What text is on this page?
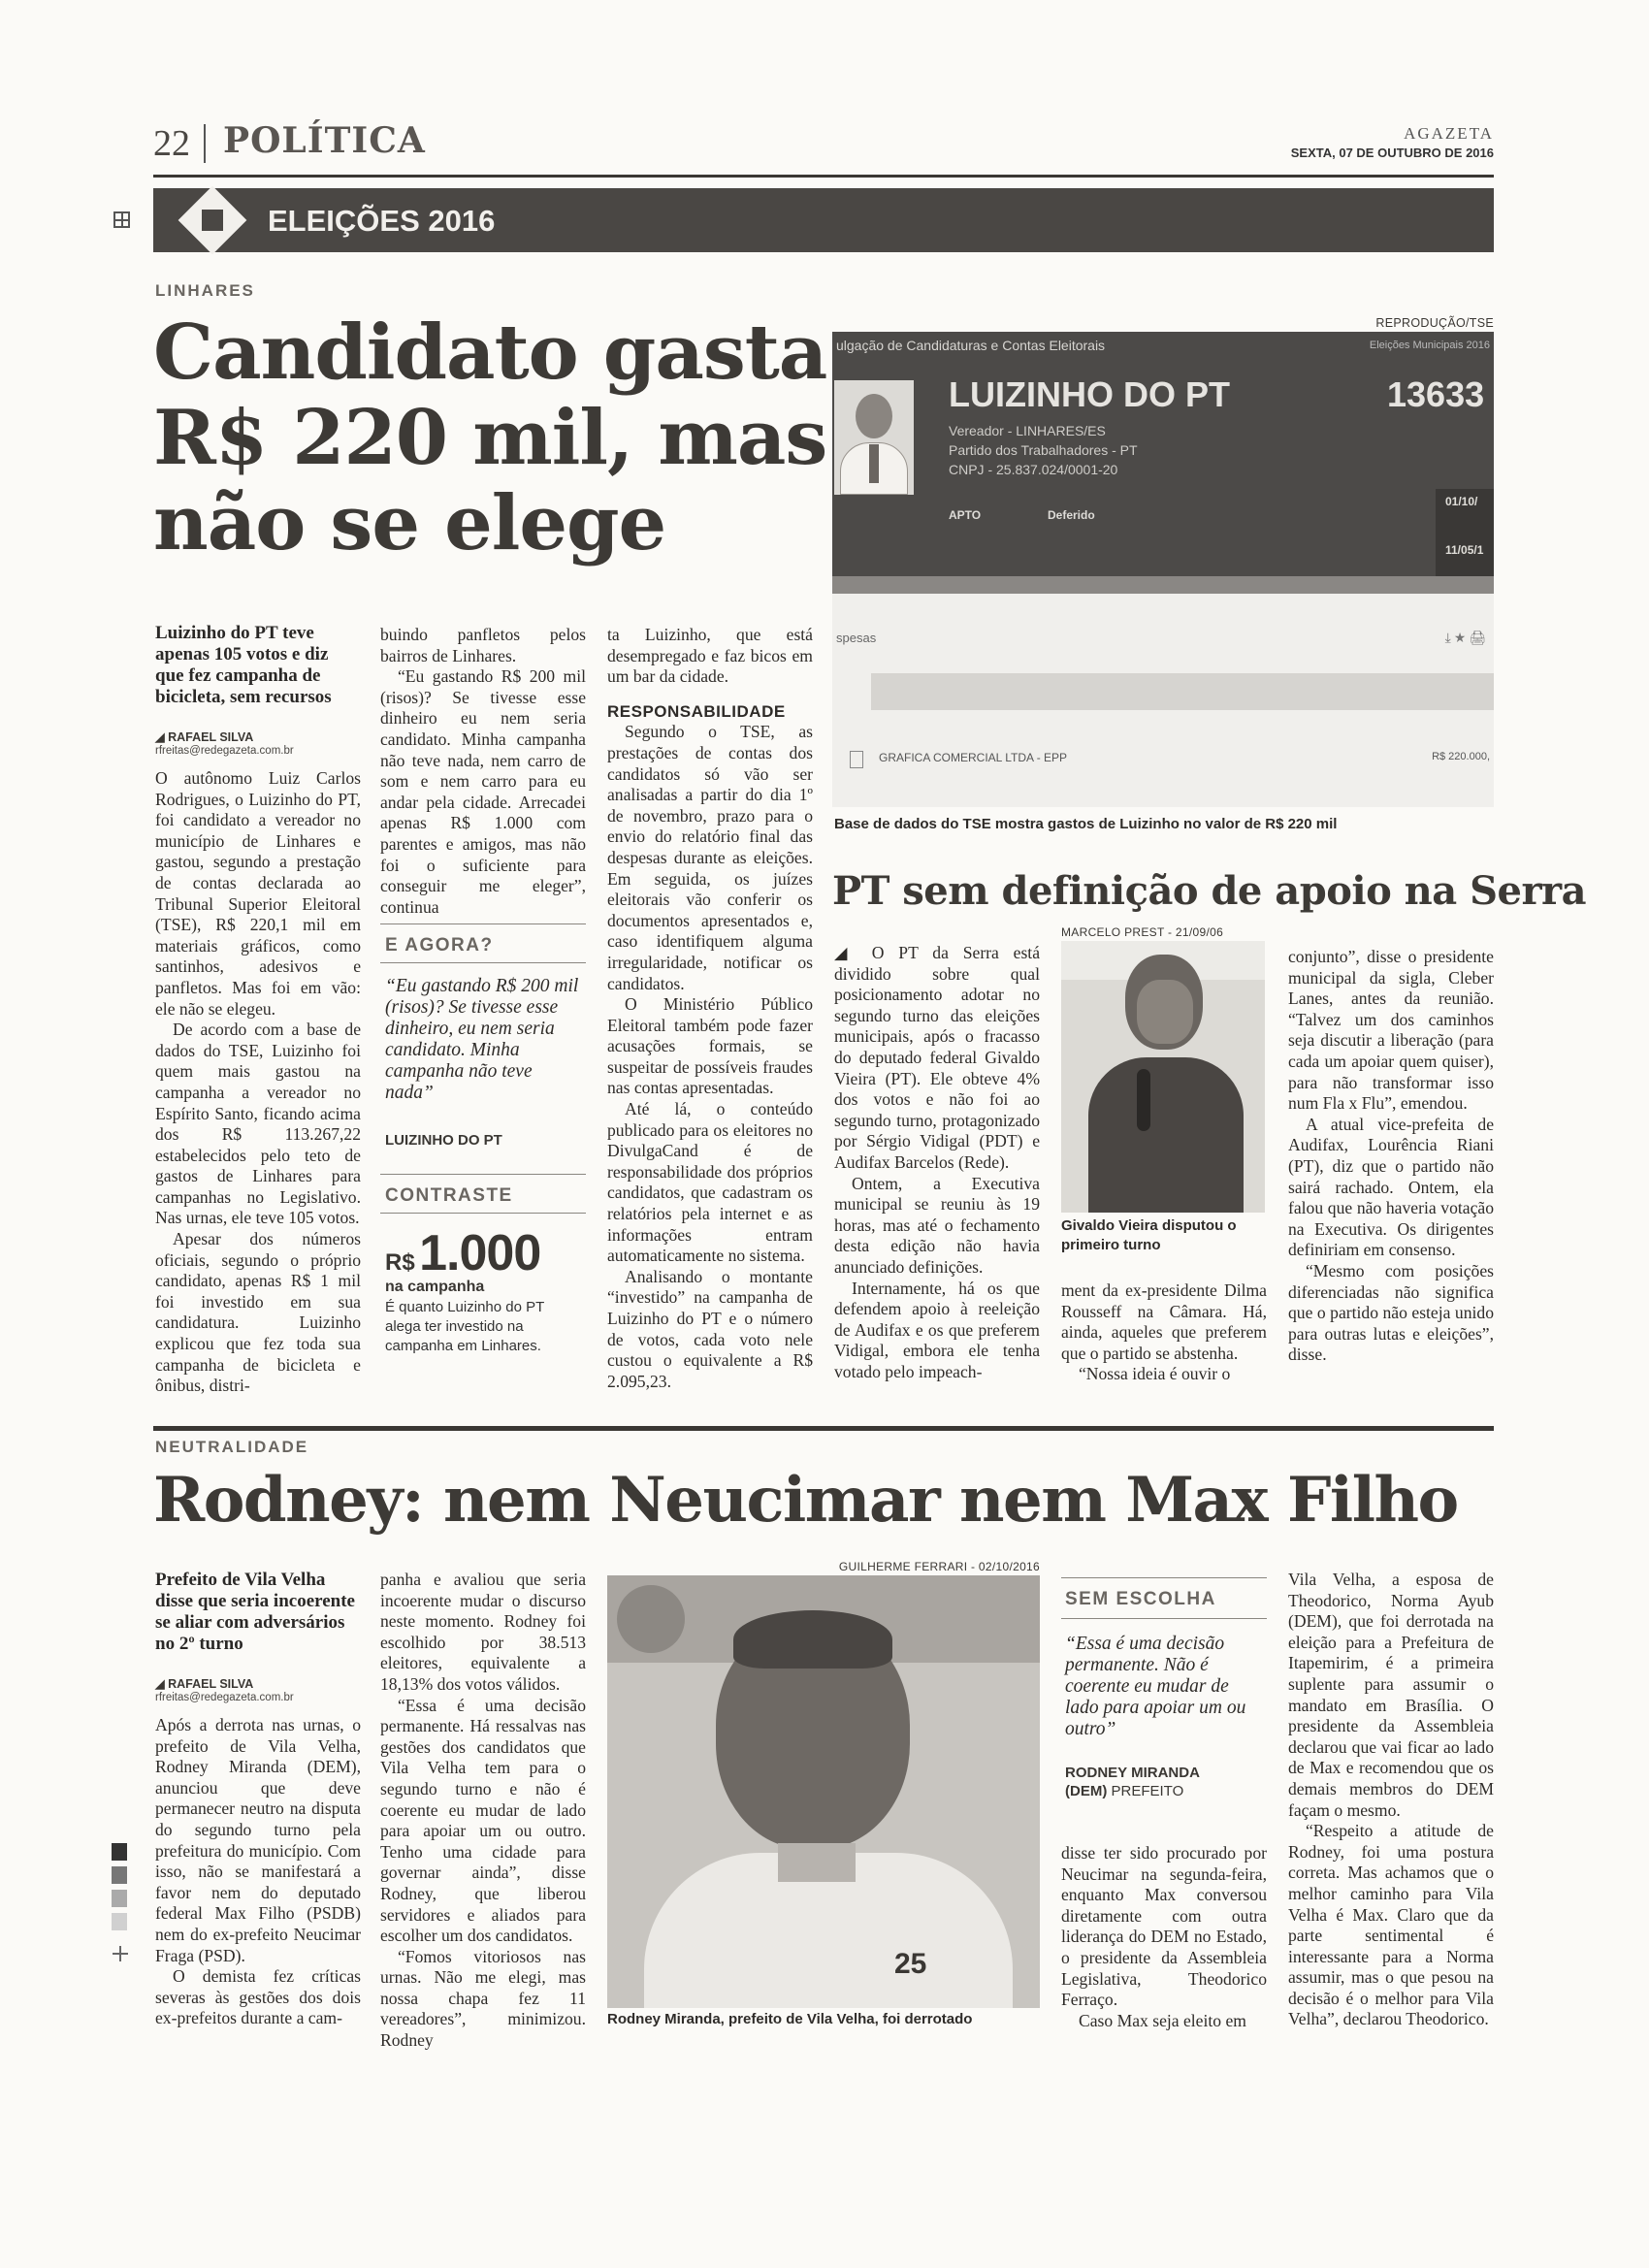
22 POLÍTICA	AGAZETA
SEXTA, 07 DE OUTUBRO DE 2016
ELEIÇÕES 2016
LINHARES
Candidato gasta
R$ 220 mil, mas
não se elege
Luizinho do PT teve apenas 105 votos e diz que fez campanha de bicicleta, sem recursos
◢ RAFAEL SILVA
rfreitas@redegazeta.com.br

O autônomo Luiz Carlos Rodrigues, o Luizinho do PT, foi candidato a vereador no município de Linhares e gastou, segundo a prestação de contas declarada ao Tribunal Superior Eleitoral (TSE), R$ 220,1 mil em materiais gráficos, como santinhos, adesivos e panfletos. Mas foi em vão: ele não se elegeu.

De acordo com a base de dados do TSE, Luizinho foi quem mais gastou na campanha a vereador no Espírito Santo, ficando acima dos R$ 113.267,22 estabelecidos pelo teto de gastos de Linhares para campanhas no Legislativo. Nas urnas, ele teve 105 votos.

Apesar dos números oficiais, segundo o próprio candidato, apenas R$ 1 mil foi investido em sua candidatura. Luizinho explicou que fez toda sua campanha de bicicleta e ônibus, distri-

buindo panfletos pelos bairros de Linhares.

“Eu gastando R$ 200 mil (risos)? Se tivesse esse dinheiro eu nem seria candidato. Minha campanha não teve nada, nem carro de som e nem carro para eu andar pela cidade. Arrecadei apenas R$ 1.000 com parentes e amigos, mas não foi o suficiente para conseguir me eleger”, continua

E AGORA?
“Eu gastando R$ 200 mil (risos)? Se tivesse esse dinheiro, eu nem seria candidato. Minha campanha não teve nada”
LUIZINHO DO PT
CONTRASTE
R$ 1.000
na campanha
É quanto Luizinho do PT alega ter investido na campanha em Linhares.

ta Luizinho, que está desempregado e faz bicos em um bar da cidade.

RESPONSABILIDADE

Segundo o TSE, as prestações de contas dos candidatos só vão ser analisadas a partir do dia 1º de novembro, prazo para o envio do relatório final das despesas durante as eleições. Em seguida, os juízes eleitorais vão conferir os documentos apresentados e, caso identifiquem alguma irregularidade, notificar os candidatos.

O Ministério Público Eleitoral também pode fazer acusações formais, se suspeitar de possíveis fraudes nas contas apresentadas.

Até lá, o conteúdo publicado para os eleitores no DivulgaCand é de responsabilidade dos próprios candidatos, que cadastram os relatórios pela internet e as informações entram automaticamente no sistema.

Analisando o montante “investido” na campanha de Luizinho do PT e o número de votos, cada voto nele custou o equivalente a R$ 2.095,23.

REPRODUÇÃO/TSE
ulgação de Candidaturas e Contas Eleitorais	Eleições Municipais 2016
LUIZINHO DO PT	13633
Vereador - LINHARES/ES
Partido dos Trabalhadores - PT
CNPJ - 25.837.024/0001-20
APTO	Deferido
01/10/
11/05/1
spesas	⤓ ★ 🖨
GRAFICA COMERCIAL LTDA - EPP	R$ 220.000,
Base de dados do TSE mostra gastos de Luizinho no valor de R$ 220 mil
PT sem definição de apoio na Serra

◢ O PT da Serra está dividido sobre qual posicionamento adotar no segundo turno das eleições municipais, após o fracasso do deputado federal Givaldo Vieira (PT). Ele obteve 4% dos votos e não foi ao segundo turno, protagonizado por Sérgio Vidigal (PDT) e Audifax Barcelos (Rede).

Ontem, a Executiva municipal se reuniu às 19 horas, mas até o fechamento desta edição não havia anunciado definições.

Internamente, há os que defendem apoio à reeleição de Audifax e os que preferem Vidigal, embora ele tenha votado pelo impeach-

MARCELO PREST - 21/09/06
Givaldo Vieira disputou o primeiro turno

ment da ex-presidente Dilma Rousseff na Câmara. Há, ainda, aqueles que preferem que o partido se abstenha.

“Nossa ideia é ouvir o

conjunto”, disse o presidente municipal da sigla, Cleber Lanes, antes da reunião. “Talvez um dos caminhos seja discutir a liberação (para cada um apoiar quem quiser), para não transformar isso num Fla x Flu”, emendou.

A atual vice-prefeita de Audifax, Lourência Riani (PT), diz que o partido não sairá rachado. Ontem, ela falou que não haveria votação na Executiva. Os dirigentes definiriam em consenso.

“Mesmo com posições diferenciadas não significa que o partido não esteja unido para outras lutas e eleições”, disse.

NEUTRALIDADE
Rodney: nem Neucimar nem Max Filho
Prefeito de Vila Velha disse que seria incoerente se aliar com adversários no 2º turno
◢ RAFAEL SILVA
rfreitas@redegazeta.com.br

Após a derrota nas urnas, o prefeito de Vila Velha, Rodney Miranda (DEM), anunciou que deve permanecer neutro na disputa do segundo turno pela prefeitura do município. Com isso, não se manifestará a favor nem do deputado federal Max Filho (PSDB) nem do ex-prefeito Neucimar Fraga (PSD).

O demista fez críticas severas às gestões dos dois ex-prefeitos durante a cam-

panha e avaliou que seria incoerente mudar o discurso neste momento. Rodney foi escolhido por 38.513 eleitores, equivalente a 18,13% dos votos válidos.

“Essa é uma decisão permanente. Há ressalvas nas gestões dos candidatos que Vila Velha tem para o segundo turno e não é coerente eu mudar de lado para apoiar um ou outro. Tenho uma cidade para governar ainda”, disse Rodney, que liberou servidores e aliados para escolher um dos candidatos.

“Fomos vitoriosos nas urnas. Não me elegi, mas nossa chapa fez 11 vereadores”, minimizou. Rodney

GUILHERME FERRARI - 02/10/2016
25
Rodney Miranda, prefeito de Vila Velha, foi derrotado
SEM ESCOLHA
“Essa é uma decisão permanente. Não é coerente eu mudar de lado para apoiar um ou outro”
RODNEY MIRANDA
(DEM) PREFEITO

disse ter sido procurado por Neucimar na segunda-feira, enquanto Max conversou diretamente com outra liderança do DEM no Estado, o presidente da Assembleia Legislativa, Theodorico Ferraço.

Caso Max seja eleito em

Vila Velha, a esposa de Theodorico, Norma Ayub (DEM), que foi derrotada na eleição para a Prefeitura de Itapemirim, é a primeira suplente para assumir o mandato em Brasília. O presidente da Assembleia declarou que vai ficar ao lado de Max e recomendou que os demais membros do DEM façam o mesmo.

“Respeito a atitude de Rodney, foi uma postura correta. Mas achamos que o melhor caminho para Vila Velha é Max. Claro que da parte sentimental é interessante para a Norma assumir, mas o que pesou na decisão é o melhor para Vila Velha”, declarou Theodorico.
